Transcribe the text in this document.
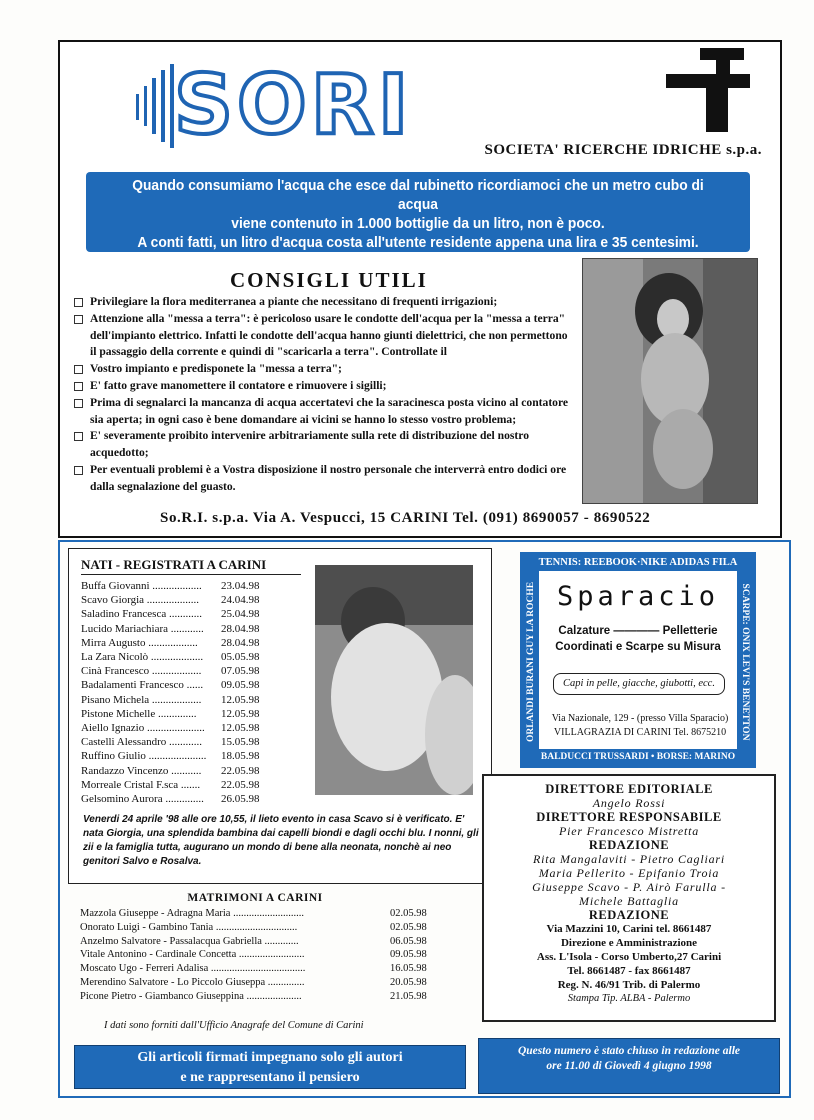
SORI	SOCIETA' RICERCHE IDRICHE s.p.a.
Quando consumiamo l'acqua che esce dal rubinetto ricordiamoci che un metro cubo di acqua
viene contenuto in 1.000 bottiglie da un litro, non è poco.
A conti fatti, un litro d'acqua costa all'utente residente appena una lira e 35 centesimi.
CONSIGLI UTILI
Privilegiare la flora mediterranea a piante che necessitano di frequenti irrigazioni;
Attenzione alla "messa a terra": è pericoloso usare le condotte dell'acqua per la "messa a terra" dell'impianto elettrico. Infatti le condotte dell'acqua hanno giunti dielettrici, che non permettono il passaggio della corrente e quindi di "scaricarla a terra". Controllate il
Vostro impianto e predisponete la "messa a terra";
E' fatto grave manomettere il contatore e rimuovere i sigilli;
Prima di segnalarci la mancanza di acqua accertatevi che la saracinesca posta vicino al contatore sia aperta; in ogni caso è bene domandare ai vicini se hanno lo stesso vostro problema;
E' severamente proibito intervenire arbitrariamente sulla rete di distribuzione del nostro acquedotto;
Per eventuali problemi è a Vostra disposizione il nostro personale che interverrà entro dodici ore dalla segnalazione del guasto.
So.R.I. s.p.a. Via A. Vespucci, 15 CARINI Tel. (091) 8690057 - 8690522
NATI - REGISTRATI A CARINI
Buffa Giovanni ..................	23.04.98
Scavo Giorgia ...................	24.04.98
Saladino Francesca ............	25.04.98
Lucido Mariachiara ............	28.04.98
Mirra Augusto ..................	28.04.98
La Zara Nicolò ...................	05.05.98
Cinà Francesco ..................	07.05.98
Badalamenti Francesco ......	09.05.98
Pisano Michela ..................	12.05.98
Pistone Michelle ..............	12.05.98
Aiello Ignazio .....................	12.05.98
Castelli Alessandro ............	15.05.98
Ruffino Giulio .....................	18.05.98
Randazzo Vincenzo ...........	22.05.98
Morreale Cristal F.sca .......	22.05.98
Gelsomino Aurora ..............	26.05.98
Venerdi 24 aprile '98 alle ore 10,55, il lieto evento in casa Scavo si è verificato. E' nata Giorgia, una splendida bambina dai capelli biondi e dagli occhi blu. I nonni, gli zii e la famiglia tutta, augurano un mondo di bene alla neonata, nonchè ai neo genitori Salvo e Rosalva.
TENNIS: REEBOOK·NIKE ADIDAS FILA
ORLANDI BURANI GUY LA ROCHE	SCARPE: ONIX LEVI'S BENETTON
Sparacio
Calzature ———— Pelletterie
Coordinati e Scarpe su Misura
Capi in pelle, giacche, giubotti, ecc.
Via Nazionale, 129 - (presso Villa Sparacio)
VILLAGRAZIA DI CARINI Tel. 8675210
BALDUCCI TRUSSARDI • BORSE: MARINO
DIRETTORE EDITORIALE
Angelo Rossi
DIRETTORE RESPONSABILE
Pier Francesco Mistretta
REDAZIONE
Rita Mangalaviti - Pietro Cagliari
Maria Pellerito - Epifanio Troia
Giuseppe Scavo - P. Airò Farulla -
Michele Battaglia
REDAZIONE
Via Mazzini 10, Carini tel. 8661487
Direzione e Amministrazione
Ass. L'Isola - Corso Umberto,27 Carini
Tel. 8661487 - fax 8661487
Reg. N. 46/91 Trib. di Palermo
Stampa Tip. ALBA - Palermo
MATRIMONI A CARINI
Mazzola Giuseppe - Adragna Maria ...........................	02.05.98
Onorato Luigi - Gambino Tania ...............................	02.05.98
Anzelmo Salvatore - Passalacqua Gabriella .............	06.05.98
Vitale Antonino - Cardinale Concetta .........................	09.05.98
Moscato Ugo - Ferreri Adalisa ....................................	16.05.98
Merendino Salvatore - Lo Piccolo Giuseppa ..............	20.05.98
Picone Pietro - Giambanco Giuseppina .....................	21.05.98
I dati sono forniti dall'Ufficio Anagrafe del Comune di Carini
Gli articoli firmati impegnano solo gli autori
e ne rappresentano il pensiero
Questo numero è stato chiuso in redazione alle
ore 11.00 di Giovedì 4 giugno 1998
